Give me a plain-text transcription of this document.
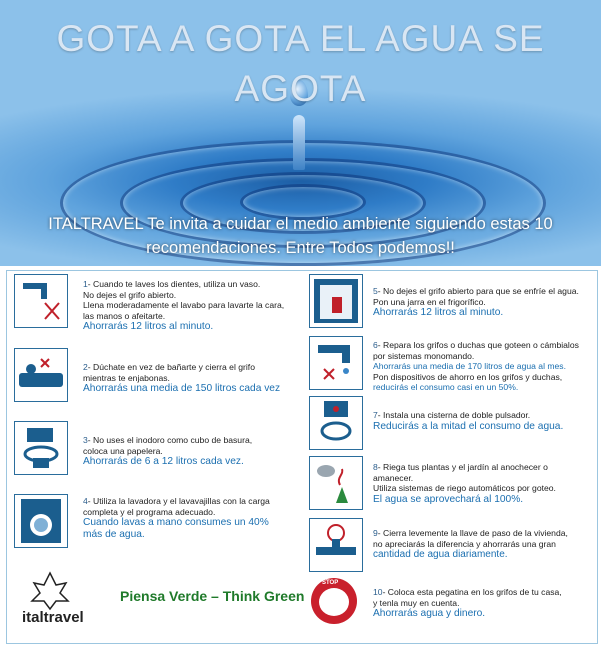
GOTA A GOTA EL AGUA SE
AGOTA
ITALTRAVEL Te invita a cuidar el medio ambiente siguiendo estas 10
recomendaciones. Entre Todos podemos!!
1- Cuando te laves los dientes, utiliza un vaso.
No dejes el grifo abierto.
Llena moderadamente el lavabo para lavarte la cara,
las manos o afeitarte.
Ahorrarás 12 litros al minuto.
2- Dúchate en vez de bañarte y cierra el grifo
mientras te enjabonas.
Ahorrarás una media de 150 litros cada vez
3- No uses el inodoro como cubo de basura,
coloca una papelera.
Ahorrarás de 6 a 12 litros cada vez.
4- Utiliza la lavadora y el lavavajillas con la carga
completa y el programa adecuado.
Cuando lavas a mano consumes un 40%
más de agua.
italtravel
Piensa Verde – Think Green
STOP
5- No dejes el grifo abierto para que se enfríe el agua.
Pon una jarra en el frigorífico.
Ahorrarás 12 litros al minuto.
6- Repara los grifos o duchas que goteen o cámbialos
por sistemas monomando.
Ahorrarás una media de 170 litros de agua al mes.
Pon dispositivos de ahorro en los grifos y duchas,
reducirás el consumo casi en un 50%.
7- Instala una cisterna de doble pulsador.
Reducirás a la mitad el consumo de agua.
8- Riega tus plantas y el jardín al anochecer o
amanecer.
Utiliza sistemas de riego automáticos por goteo.
El agua se aprovechará al 100%.
9- Cierra levemente la llave de paso de la vivienda,
no apreciarás la diferencia y ahorrarás una gran
cantidad de agua diariamente.
10- Coloca esta pegatina en los grifos de tu casa,
y tenla muy en cuenta.
Ahorrarás agua y dinero.
